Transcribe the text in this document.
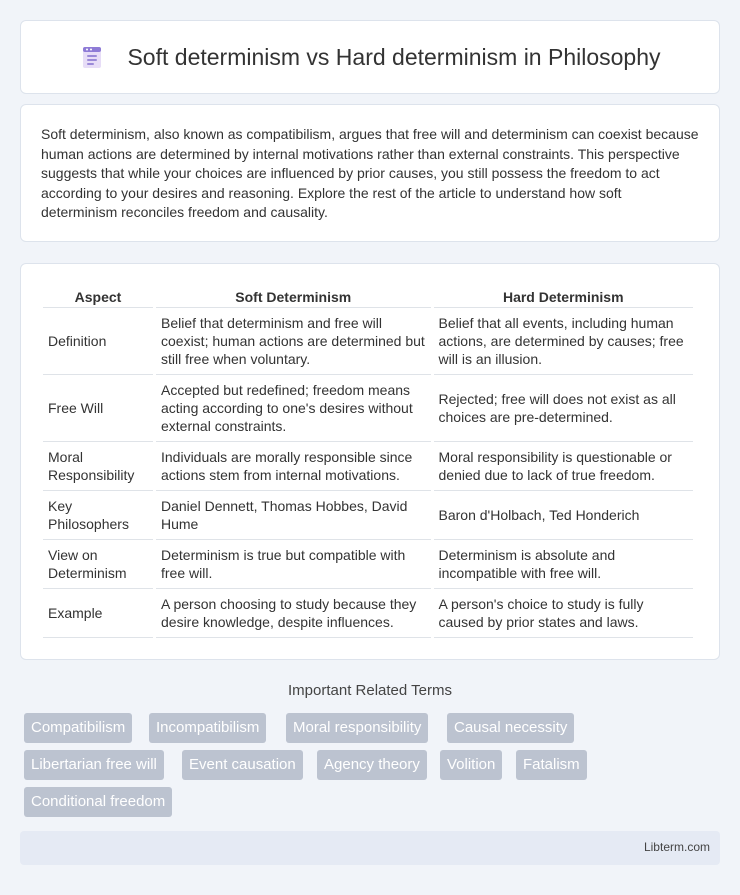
Soft determinism vs Hard determinism in Philosophy

Soft determinism, also known as compatibilism, argues that free will and determinism can coexist because human actions are determined by internal motivations rather than external constraints. This perspective suggests that while your choices are influenced by prior causes, you still possess the freedom to act according to your desires and reasoning. Explore the rest of the article to understand how soft determinism reconciles freedom and causality.

Aspect	Soft Determinism	Hard Determinism
Definition	Belief that determinism and free will coexist; human actions are determined but still free when voluntary.	Belief that all events, including human actions, are determined by causes; free will is an illusion.
Free Will	Accepted but redefined; freedom means acting according to one's desires without external constraints.	Rejected; free will does not exist as all choices are pre-determined.
Moral Responsibility	Individuals are morally responsible since actions stem from internal motivations.	Moral responsibility is questionable or denied due to lack of true freedom.
Key Philosophers	Daniel Dennett, Thomas Hobbes, David Hume	Baron d'Holbach, Ted Honderich
View on Determinism	Determinism is true but compatible with free will.	Determinism is absolute and incompatible with free will.
Example	A person choosing to study because they desire knowledge, despite influences.	A person's choice to study is fully caused by prior states and laws.
Important Related Terms
Compatibilism	Incompatibilism	Moral responsibility	Causal necessity
Libertarian free will	Event causation	Agency theory	Volition	Fatalism
Conditional freedom
Libterm.com
